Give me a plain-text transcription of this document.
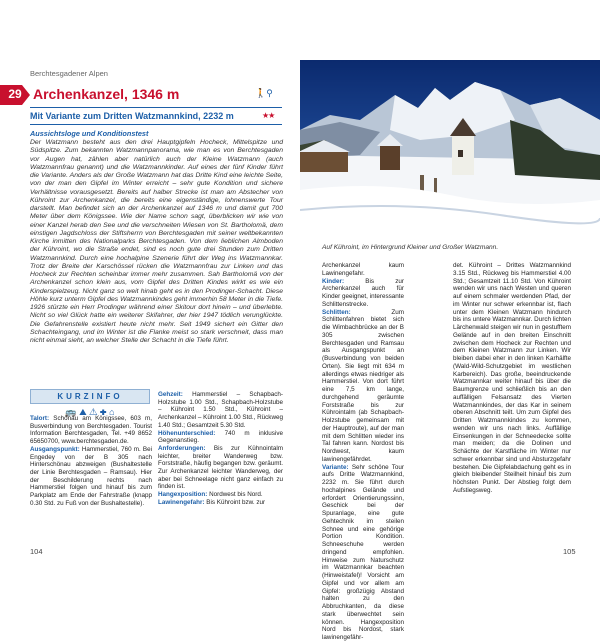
Berchtesgadener Alpen
29 Archenkanzel, 1346 m	🚶⚲
Mit Variante zum Dritten Watzmannkind, 2232 m	★★
Aussichtsloge und Konditionstest
Der Watzmann besteht aus den drei Hauptgipfeln Hocheck, Mittelspitze und Südspitze. Zum bekannten Watzmannpanorama, wie man es von Berchtesgaden vor Augen hat, zählen aber natürlich auch der Kleine Watzmann (auch Watzmannfrau genannt) und die Watzmannkinder. Auf eines der fünf Kinder führt die Variante. Anders als der Große Watzmann hat das Dritte Kind eine leichte Seite, von der man den Gipfel im Winter erreicht – sehr gute Kondition und sichere Verhältnisse vorausgesetzt. Bereits auf halber Strecke ist man am Abstecher von Kühroint zur Archenkanzel, die bereits eine eigenständige, lohnenswerte Tour darstellt. Man befindet sich an der Archenkanzel auf 1346 m und damit gut 700 Meter über dem Königssee. Wie der Name schon sagt, überblicken wir wie von einer Kanzel herab den See und die verschneiten Wiesen von St. Bartholomä, dem einstigen Jagdschloss der Stiftsherrn von Berchtesgaden mit seiner weltbekannten Kirche inmitten des Nationalparks Berchtesgaden. Von dem lieblichen Almboden der Kühroint, wo die Straße endet, sind es noch gute drei Stunden zum Dritten Watzmannkind. Durch eine hochalpine Szenerie führt der Weg ins Watzmannkar. Trotz der Breite der Karschössel rücken die Watzmannfrau zur Linken und das Hocheck zur Rechten scheinbar immer mehr zusammen. Sah Bartholomä von der Archenkanzel schon klein aus, vom Gipfel des Dritten Kindes wirkt es wie ein Kinderspielzeug. Nicht ganz so weit hinab geht es in den Prodinger-Schacht. Diese Höhle kurz unterm Gipfel des Watzmannkindes geht immerhin 58 Meter in die Tiefe. 1926 stürzte ein Herr Prodinger während einer Skitour dort hinein – und überlebte. Nicht so viel Glück hatte ein weiterer Skifahrer, der hier 1947 tödlich verunglückte. Die Gefahrenstelle existiert heute nicht mehr. Seit 1949 sichert ein Gitter den Schachteingang, und im Winter ist die Flanke meist so stark verschneit, dass man nicht einmal sieht, an welcher Stelle der Schacht in die Tiefe führt.
KURZINFO
🚌 ⛰ ⚠ ✚ ⌂
Talort: Schönau am Königssee, 603 m, Busverbindung von Berchtesgaden. Tourist Information Berchtesgaden, Tel. +49 8652 65650700, www.berchtesgaden.de.
Ausgangspunkt: Hammerstiel, 760 m. Bei Engedey von der B 305 nach Hinterschönau abzweigen (Bushaltestelle der Linie Berchtesgaden – Ramsau). Hier der Beschilderung rechts nach Hammerstiel folgen und hinauf bis zum Parkplatz am Ende der Fahrstraße (knapp 0.30 Std. zu Fuß von der Bushaltestelle).
Gehzeit: Hammerstiel – Schapbach-Holzstube 1.00 Std., Schapbach-Holzstube – Kühroint 1.50 Std., Kühroint – Archenkanzel – Kühroint 1.00 Std., Rückweg 1.40 Std.; Gesamtzeit 5.30 Std.
Höhenunterschied: 740 m inklusive Gegenanstieg.
Anforderungen: Bis zur Kühnointalm leichter, breiter Wanderweg bzw. Forststraße, häufig begangen bzw. geräumt. Zur Archenkanzel leichter Wanderweg, der aber bei Schneelage nicht ganz einfach zu finden ist.
Hangexposition: Nordwest bis Nord.
Lawinengefahr: Bis Kühroint bzw. zur
104
Auf Kühroint, im Hintergrund Kleiner und Großer Watzmann.
Archenkanzel kaum Lawinengefahr.
Kinder: Bis zur Archenkanzel auch für Kinder geeignet, interessante Schlittenstrecke.
Schlitten: Zum Schlittenfahren bietet sich die Wimbachbrücke an der B 305 zwischen Berchtesgaden und Ramsau als Ausgangspunkt an (Busverbindung von beiden Orten). Sie liegt mit 634 m allerdings etwas niedriger als Hammerstiel. Von dort führt eine 7,5 km lange, durchgehend geräumte Forststraße bis zur Kührointalm (ab Schapbach-Holzstube gemeinsam mit der Hauptroute), auf der man mit dem Schlitten wieder ins Tal fahren kann. Nordost bis Nordwest, kaum lawinengefährdet.
Variante: Sehr schöne Tour aufs Dritte Watzmannkind, 2232 m. Sie führt durch hochalpines Gelände und erfordert Orientierungssinn, Geschick bei der Spuranlage, eine gute Gehtechnik im steilen Schnee und eine gehörige Portion Kondition. Schneeschuhe werden dringend empfohlen. Hinweise zum Naturschutz im Watzmannkar beachten (Hinweistafel)! Vorsicht am Gipfel und vor allem am Gipfel: großzügig Abstand halten zu den Abbruchkanten, da diese stark überwechtet sein können. Hangexposition Nord bis Nordost, stark lawinengefähr-
det. Kühroint – Drittes Watzmannkind 3.15 Std., Rückweg bis Hammerstiel 4.00 Std.; Gesamtzeit 11.10 Std. Von Kühroint wenden wir uns nach Westen und queren auf einem schmaler werdenden Pfad, der im Winter nur schwer erkennbar ist, flach unter dem Kleinen Watzmann hindurch bis ins untere Watzmannkar. Durch lichten Lärchenwald steigen wir nun in gestufftem Gelände auf in den breiten Einschnitt zwischen dem Hocheck zur Rechten und dem Kleinen Watzmann zur Linken. Wir bleiben dabei eher in den linken Karhälfte (Wald-Wild-Schutzgebiet im westlichen Karbereich). Das große, beeindruckende Watzmannkar weiter hinauf bis über die Baumgrenze und schließlich bis an den auffälligen Felsansatz des Vierten Watzmannkindes, der das Kar in seinem oberen Abschnitt teilt. Um zum Gipfel des Dritten Watzmannkindes zu kommen, wenden wir uns nach links. Auffällige Einsenkungen in der Schneedecke sollte man meiden; da die Dolinen und Schächte der Karstfläche im Winter nur schwer erkennbar sind und Absturzgefahr bestehen. Die Gipfelabdachung geht es in gleich bleibender Steilheit hinauf bis zum höchsten Punkt. Der Abstieg folgt dem Aufstiegsweg.
105
